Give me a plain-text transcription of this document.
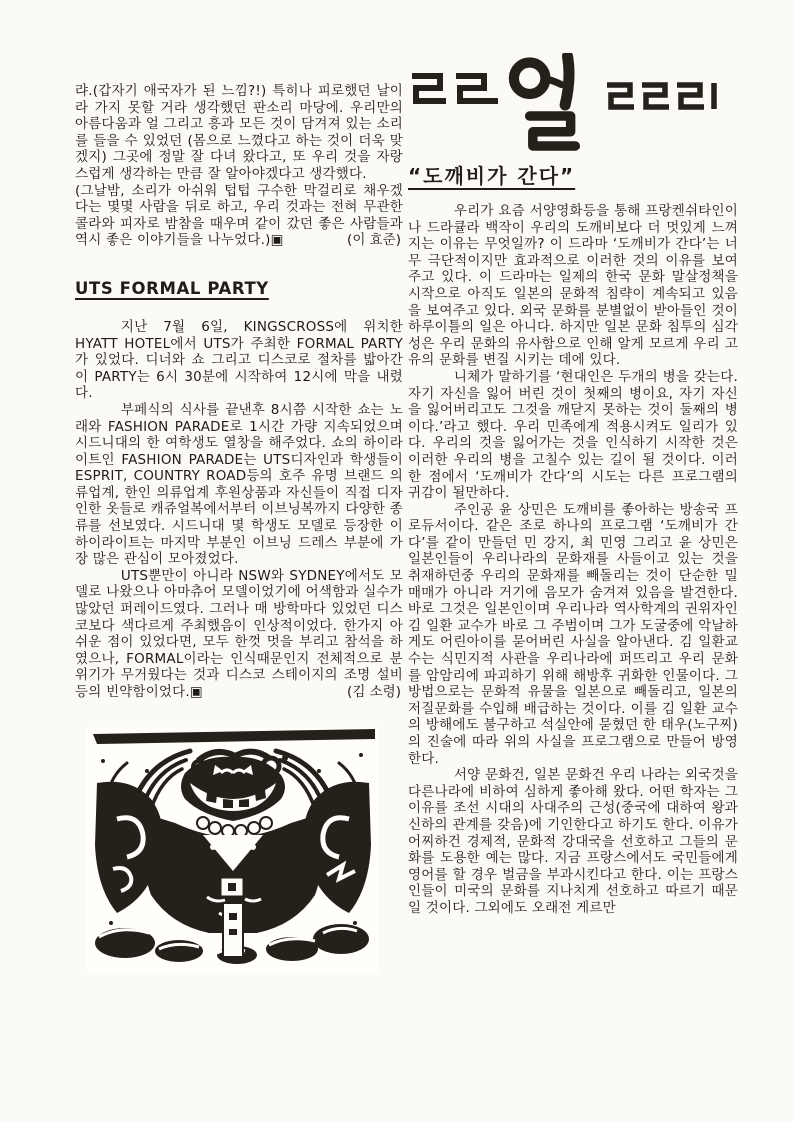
랴.(갑자기 애국자가 된 느낌?!) 특히나 피로했던 날이라 가지 못할 거라 생각했던 판소리 마당에. 우리만의 아름다움과 얼 그리고 흥과 모든 것이 담겨져 있는 소리를 들을 수 있었던 (몸으로 느꼈다고 하는 것이 더욱 맞겠지) 그곳에 정말 잘 다녀 왔다고, 또 우리 것을 자랑스럽게 생각하는 만큼 잘 알아야겠다고 생각했다.

(그날밤, 소리가 아쉬워 텁텁 구수한 막걸리로 채우겠다는 몇몇 사람을 뒤로 하고, 우리 것과는 전혀 무관한 콜라와 피자로 밤참을 때우며 같이 갔던 좋은 사람들과 역시 좋은 이야기들을 나누었다.)▣	(이 효준)
UTS FORMAL PARTY

지난 7월 6일, KINGSCROSS에 위치한 HYATT HOTEL에서 UTS가 주최한 FORMAL PARTY가 있었다. 디너와 쇼 그리고 디스코로 절차를 밟아간 이 PARTY는 6시 30분에 시작하여 12시에 막을 내렸다.

부페식의 식사를 끝낸후 8시쯤 시작한 쇼는 노래와 FASHION PARADE로 1시간 가량 지속되었으며 시드니대의 한 여학생도 열창을 해주었다. 쇼의 하이라이트인 FASHION PARADE는 UTS디자인과 학생들이 ESPRIT, COUNTRY ROAD등의 호주 유명 브랜드 의류업계, 한인 의류업계 후원상품과 자신들이 직접 디자인한 옷들로 캐쥬얼복에서부터 이브닝복까지 다양한 종류를 선보였다. 시드니대 몇 학생도 모델로 등장한 이 하이라이트는 마지막 부분인 이브닝 드레스 부분에 가장 많은 관심이 모아졌었다.

UTS뿐만이 아니라 NSW와 SYDNEY에서도 모델로 나왔으나 아마츄어 모델이었기에 어색함과 실수가 많았던 퍼레이드였다. 그러나 매 방학마다 있었던 디스코보다 색다르게 주최했음이 인상적이었다. 한가지 아쉬운 점이 있었다면, 모두 한껏 멋을 부리고 참석을 하였으나, FORMAL이라는 인식때문인지 전체적으로 분위기가 무거웠다는 것과 디스코 스테이지의 조명 설비등의 빈약함이었다.▣	(김 소령)
“도깨비가 간다”

우리가 요즘 서양영화등을 통해 프랑켄쉬타인이나 드라큘라 백작이 우리의 도깨비보다 더 멋있게 느껴지는 이유는 무엇일까? 이 드라마 ‘도깨비가 간다’는 너무 극단적이지만 효과적으로 이러한 것의 이유를 보여주고 있다. 이 드라마는 일제의 한국 문화 말살정책을 시작으로 아직도 일본의 문화적 침략이 계속되고 있음을 보여주고 있다. 외국 문화를 분별없이 받아들인 것이 하루이틀의 일은 아니다. 하지만 일본 문화 침투의 심각성은 우리 문화의 유사함으로 인해 알게 모르게 우리 고유의 문화를 변질 시키는 데에 있다.

니체가 말하기를 ‘현대인은 두개의 병을 갖는다. 자기 자신을 잃어 버린 것이 첫째의 병이요, 자기 자신을 잃어버리고도 그것을 깨닫지 못하는 것이 둘째의 병이다.’라고 했다. 우리 민족에게 적용시켜도 일리가 있다. 우리의 것을 잃어가는 것을 인식하기 시작한 것은 이러한 우리의 병을 고칠수 있는 길이 될 것이다. 이러한 점에서 ‘도깨비가 간다’의 시도는 다른 프로그램의 귀감이 될만하다.

주인공 윤 상민은 도깨비를 좋아하는 방송국 프로듀서이다. 같은 조로 하나의 프로그램 ‘도깨비가 간다’를 같이 만들던 민 강지, 최 민영 그리고 윤 상민은 일본인들이 우리나라의 문화재를 사들이고 있는 것을 취재하던중 우리의 문화재를 빼돌리는 것이 단순한 밀매매가 아니라 거기에 음모가 숨겨져 있음을 발견한다. 바로 그것은 일본인이며 우리나라 역사학계의 권위자인 김 일환 교수가 바로 그 주범이며 그가 도굴중에 악날하게도 어린아이를 묻어버린 사실을 알아낸다. 김 일환교수는 식민지적 사관을 우리나라에 퍼뜨리고 우리 문화를 암암리에 파괴하기 위해 해방후 귀화한 인물이다. 그 방법으로는 문화적 유물을 일본으로 빼돌리고, 일본의 저질문화를 수입해 배급하는 것이다. 이를 김 일환 교수의 방해에도 불구하고 석실안에 묻혔던 한 태우(노구찌)의 진술에 따라 위의 사실을 프로그램으로 만들어 방영한다.

서양 문화건, 일본 문화건 우리 나라는 외국것을 다른나라에 비하여 심하게 좋아해 왔다. 어떤 학자는 그 이유를 조선 시대의 사대주의 근성(중국에 대하여 왕과 신하의 관계를 갖음)에 기인한다고 하기도 한다. 이유가 어찌하건 경제적, 문화적 강대국을 선호하고 그들의 문화를 도용한 예는 많다. 지금 프랑스에서도 국민들에게 영어를 할 경우 벌금을 부과시킨다고 한다. 이는 프랑스인들이 미국의 문화를 지나치게 선호하고 따르기 때문일 것이다. 그외에도 오래전 게르만
